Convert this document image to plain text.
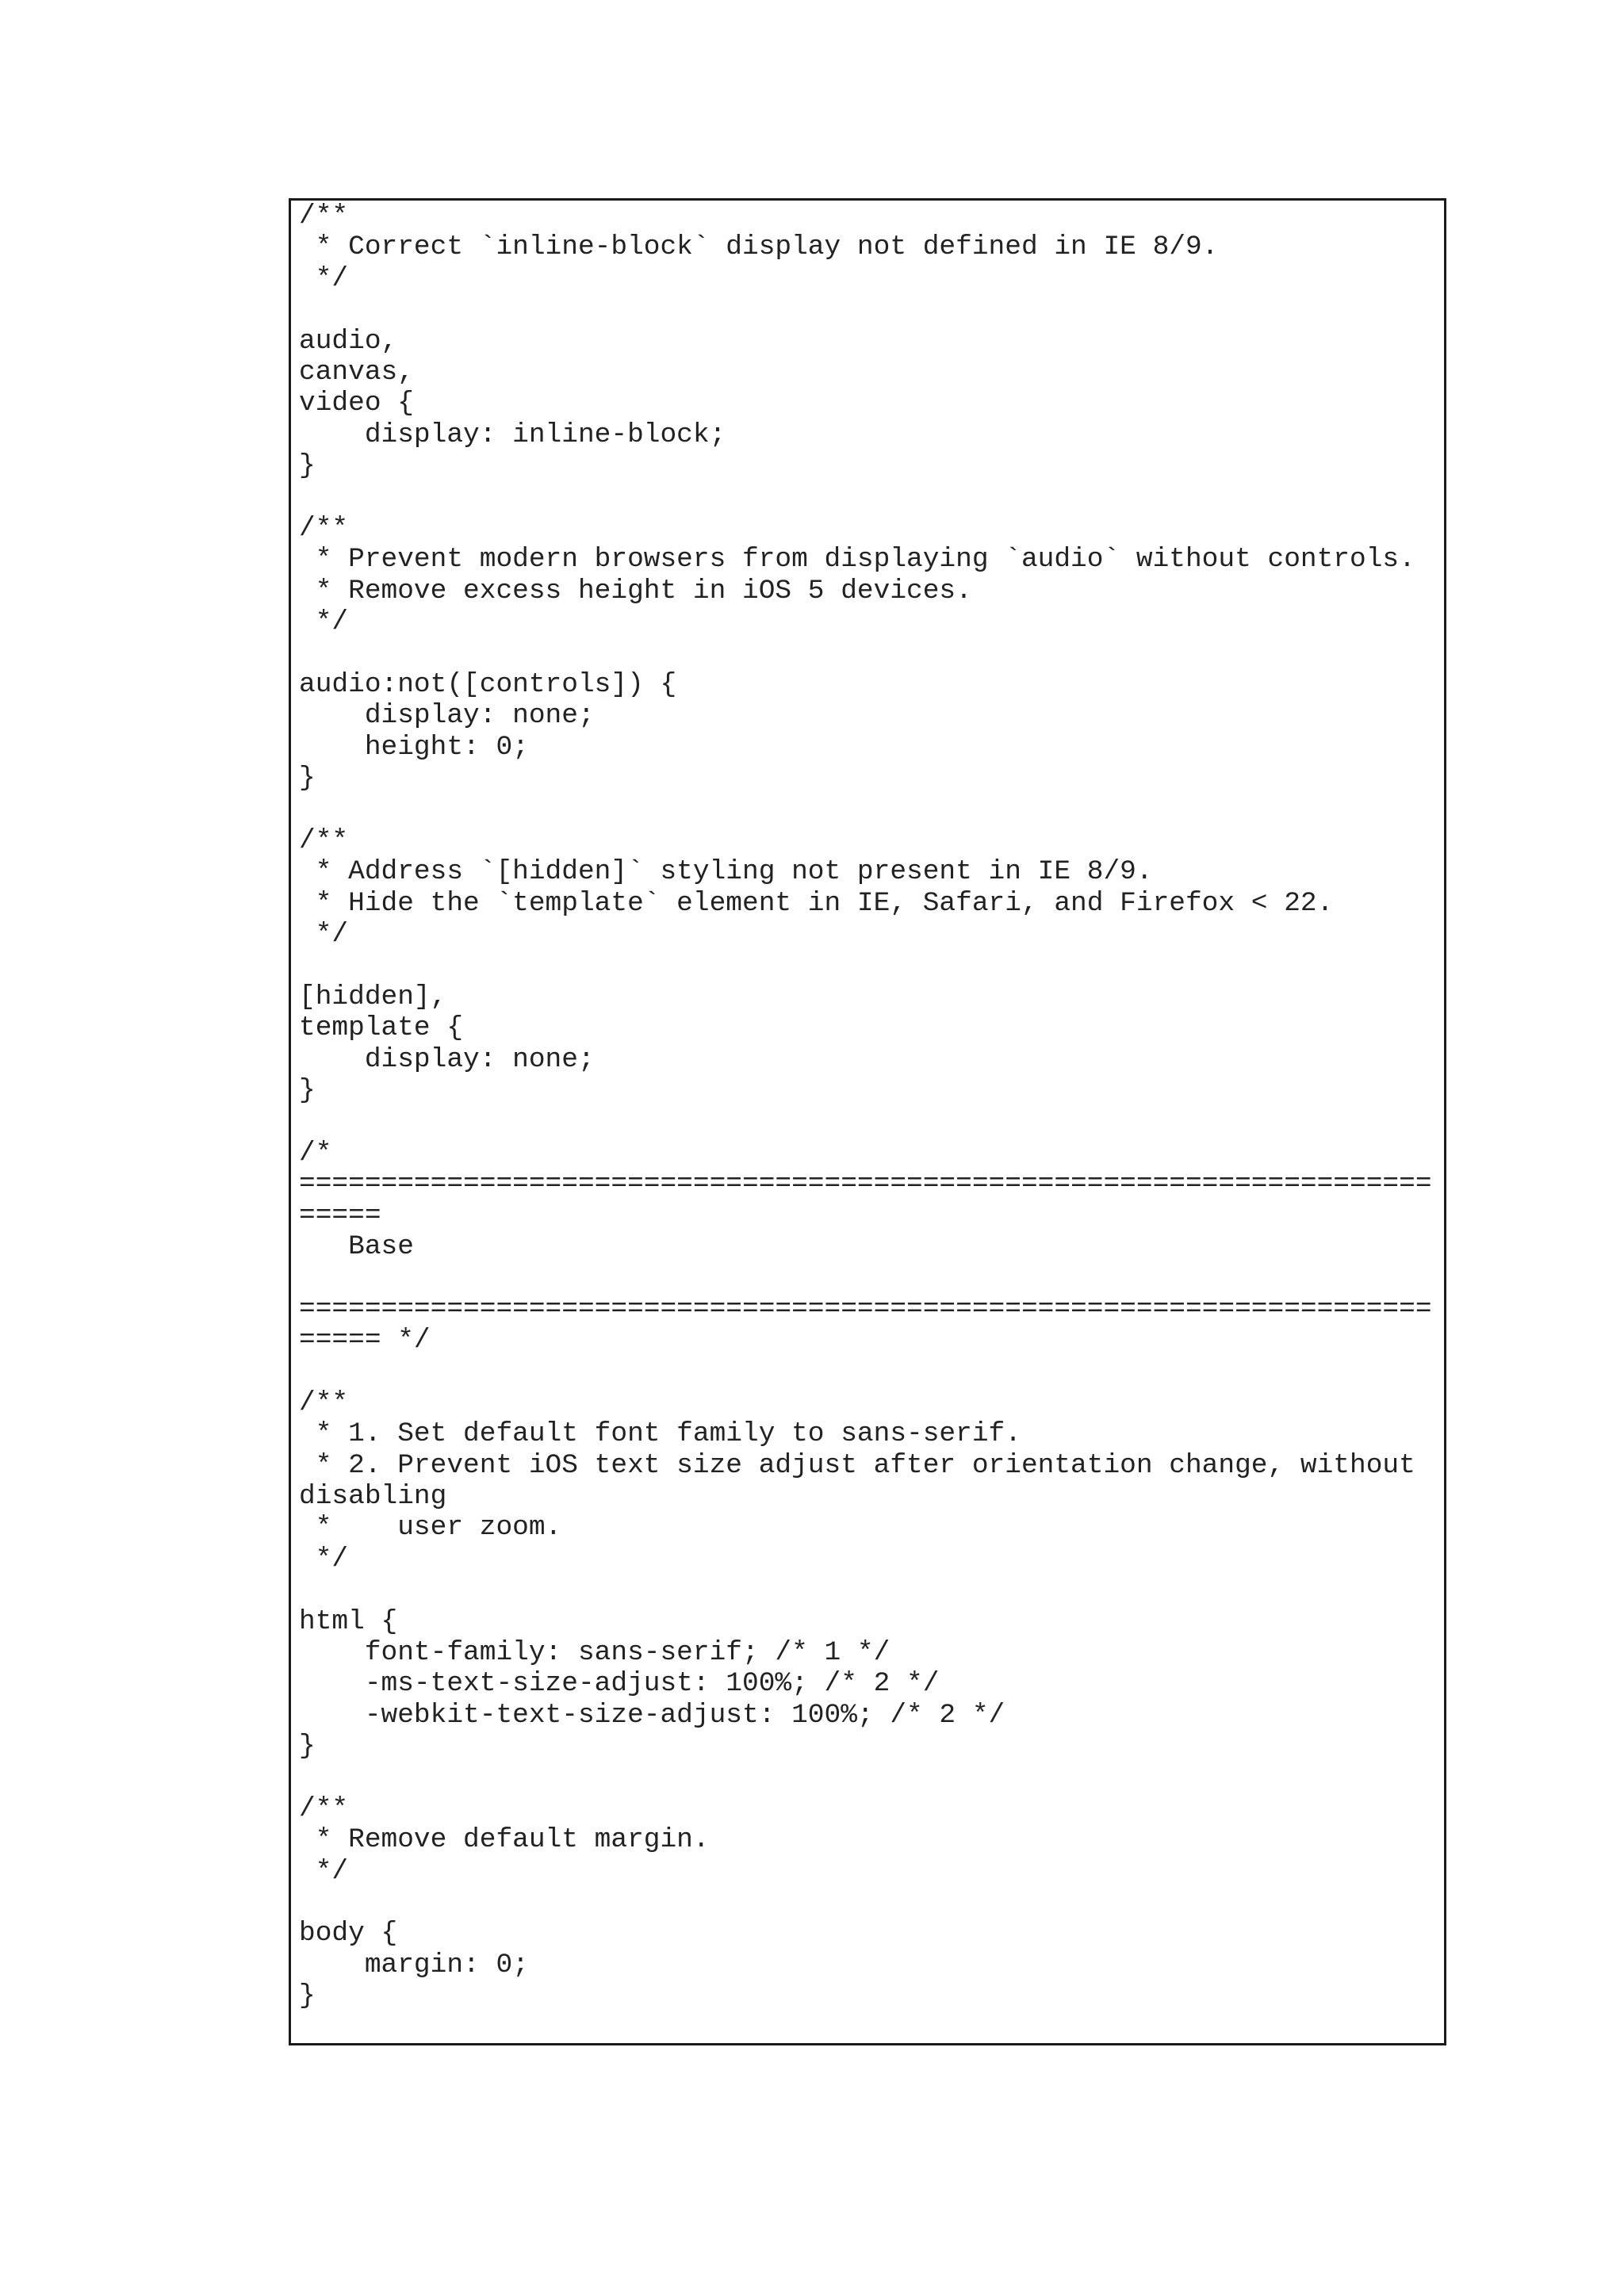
/**
* Correct `inline-block` display not defined in IE 8/9.
*/
audio,
canvas,
video {
display: inline-block;
}
/**
* Prevent modern browsers from displaying `audio` without controls.
* Remove excess height in iOS 5 devices.
*/
audio:not([controls]) {
display: none;
height: 0;
}
/**
* Address `[hidden]` styling not present in IE 8/9.
* Hide the `template` element in IE, Safari, and Firefox < 22.
*/
[hidden],
template {
display: none;
}
/*
=====================================================================
=====
Base
=====================================================================
===== */
/**
* 1. Set default font family to sans-serif.
* 2. Prevent iOS text size adjust after orientation change, without
disabling
*    user zoom.
*/
html {
font-family: sans-serif; /* 1 */
-ms-text-size-adjust: 100%; /* 2 */
-webkit-text-size-adjust: 100%; /* 2 */
}
/**
* Remove default margin.
*/
body {
margin: 0;
}
